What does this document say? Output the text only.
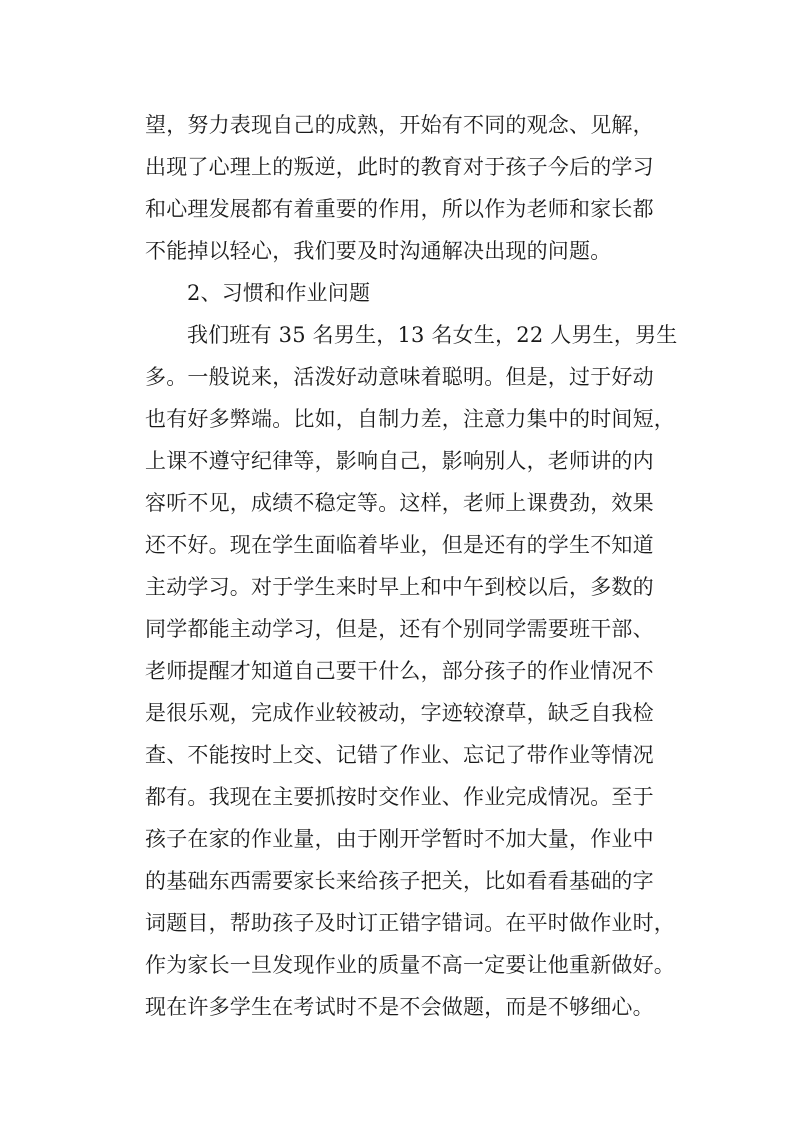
望，努力表现自己的成熟，开始有不同的观念、见解，
出现了心理上的叛逆，此时的教育对于孩子今后的学习
和心理发展都有着重要的作用，所以作为老师和家长都
不能掉以轻心，我们要及时沟通解决出现的问题。
2、习惯和作业问题
我们班有 35 名男生，13 名女生，22 人男生，男生
多。一般说来，活泼好动意味着聪明。但是，过于好动
也有好多弊端。比如，自制力差，注意力集中的时间短，
上课不遵守纪律等，影响自己，影响别人，老师讲的内
容听不见，成绩不稳定等。这样，老师上课费劲，效果
还不好。现在学生面临着毕业，但是还有的学生不知道
主动学习。对于学生来时早上和中午到校以后，多数的
同学都能主动学习，但是，还有个别同学需要班干部、
老师提醒才知道自己要干什么，部分孩子的作业情况不
是很乐观，完成作业较被动，字迹较潦草，缺乏自我检
查、不能按时上交、记错了作业、忘记了带作业等情况
都有。我现在主要抓按时交作业、作业完成情况。至于
孩子在家的作业量，由于刚开学暂时不加大量，作业中
的基础东西需要家长来给孩子把关，比如看看基础的字
词题目，帮助孩子及时订正错字错词。在平时做作业时，
作为家长一旦发现作业的质量不高一定要让他重新做好。
现在许多学生在考试时不是不会做题，而是不够细心。
